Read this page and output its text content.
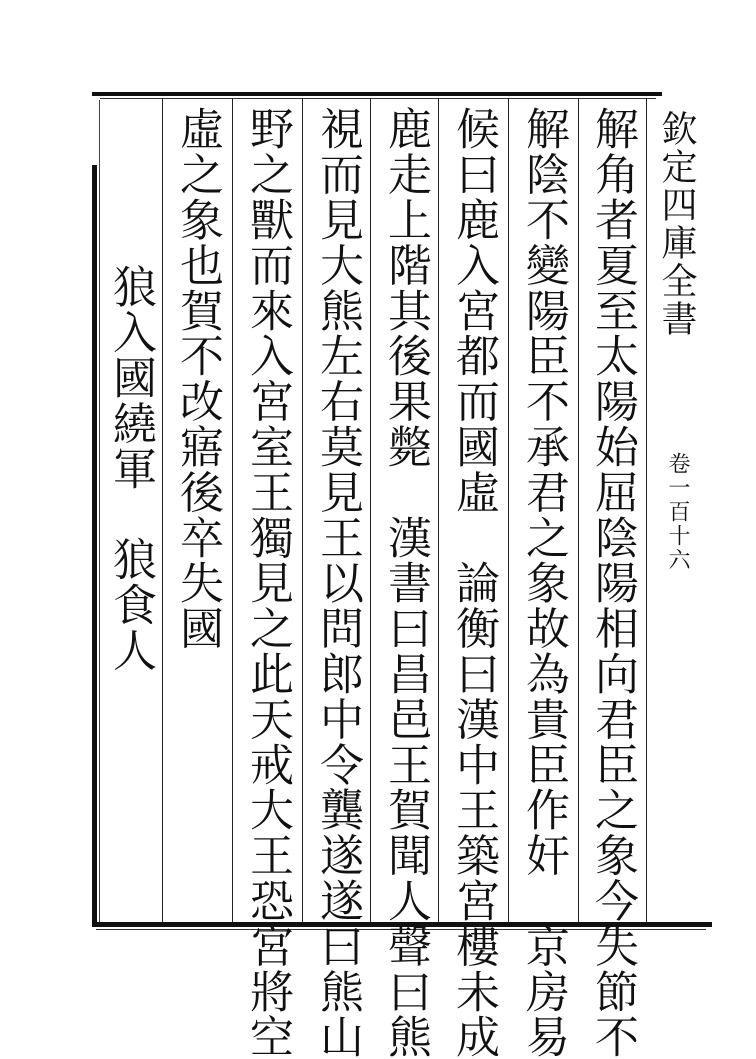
欽定四庫全書
卷一百十六
解角者夏至太陽始屈陰陽相向君臣之象今失節不
解陰不變陽臣不承君之象故為貴臣作奸　京房易
候曰鹿入宮都而國虛　論衡曰漢中王築宮樓未成
鹿走上階其後果斃　漢書曰昌邑王賀聞人聲曰熊
視而見大熊左右莫見王以問郎中令龔遂遂曰熊山
野之獸而來入宮室王獨見之此天戒大王恐宮將空
虛之象也賀不改寤後卒失國
狼入國繞軍　狼食人
